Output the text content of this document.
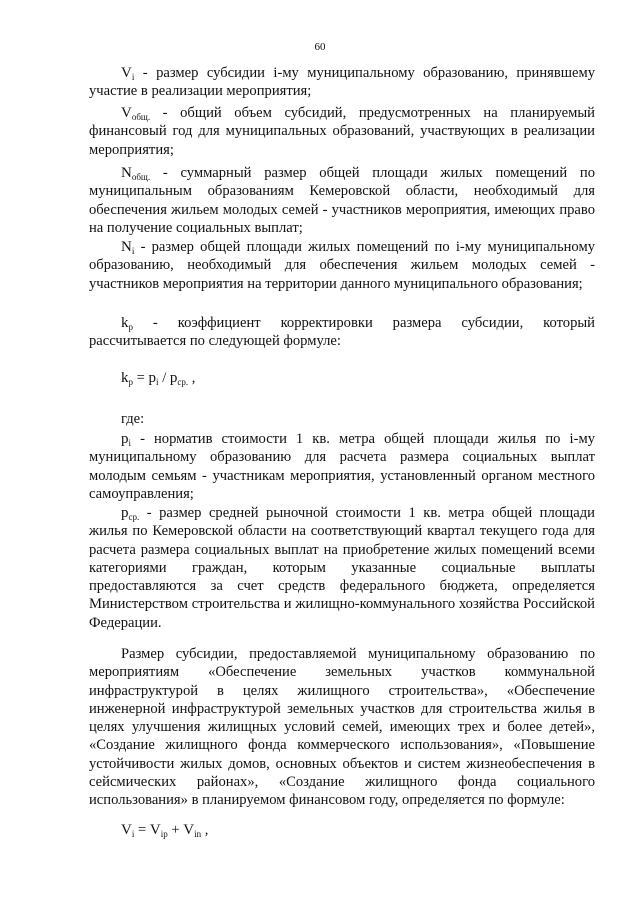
60

$V_i$ - размер субсидии i-му муниципальному образованию, принявшему участие в реализации мероприятия;

$V_{общ.}$ - общий объем субсидий, предусмотренных на планируемый финансовый год для муниципальных образований, участвующих в реализации мероприятия;

$N_{общ.}$ - суммарный размер общей площади жилых помещений по муниципальным образованиям Кемеровской области, необходимый для обеспечения жильем молодых семей - участников мероприятия, имеющих право на получение социальных выплат;

$N_i$ - размер общей площади жилых помещений по i-му муниципальному образованию, необходимый для обеспечения жильем молодых семей - участников мероприятия на территории данного муниципального образования;

$k_р$ - коэффициент корректировки размера субсидии, который рассчитывается по следующей формуле:

$k_р = p_i / p_{ср.}$ ,

где:

$p_i$ - норматив стоимости 1 кв. метра общей площади жилья по i-му муниципальному образованию для расчета размера социальных выплат молодым семьям - участникам мероприятия, установленный органом местного самоуправления;

$p_{ср.}$ - размер средней рыночной стоимости 1 кв. метра общей площади жилья по Кемеровской области на соответствующий квартал текущего года для расчета размера социальных выплат на приобретение жилых помещений всеми категориями граждан, которым указанные социальные выплаты предоставляются за счет средств федерального бюджета, определяется Министерством строительства и жилищно-коммунального хозяйства Российской Федерации.

Размер субсидии, предоставляемой муниципальному образованию по мероприятиям «Обеспечение земельных участков коммунальной инфраструктурой в целях жилищного строительства», «Обеспечение инженерной инфраструктурой земельных участков для строительства жилья в целях улучшения жилищных условий семей, имеющих трех и более детей», «Создание жилищного фонда коммерческого использования», «Повышение устойчивости жилых домов, основных объектов и систем жизнеобеспечения в сейсмических районах», «Создание жилищного фонда социального использования» в планируемом финансовом году, определяется по формуле:

$V_i = V_{ip} + V_{in}$ ,
